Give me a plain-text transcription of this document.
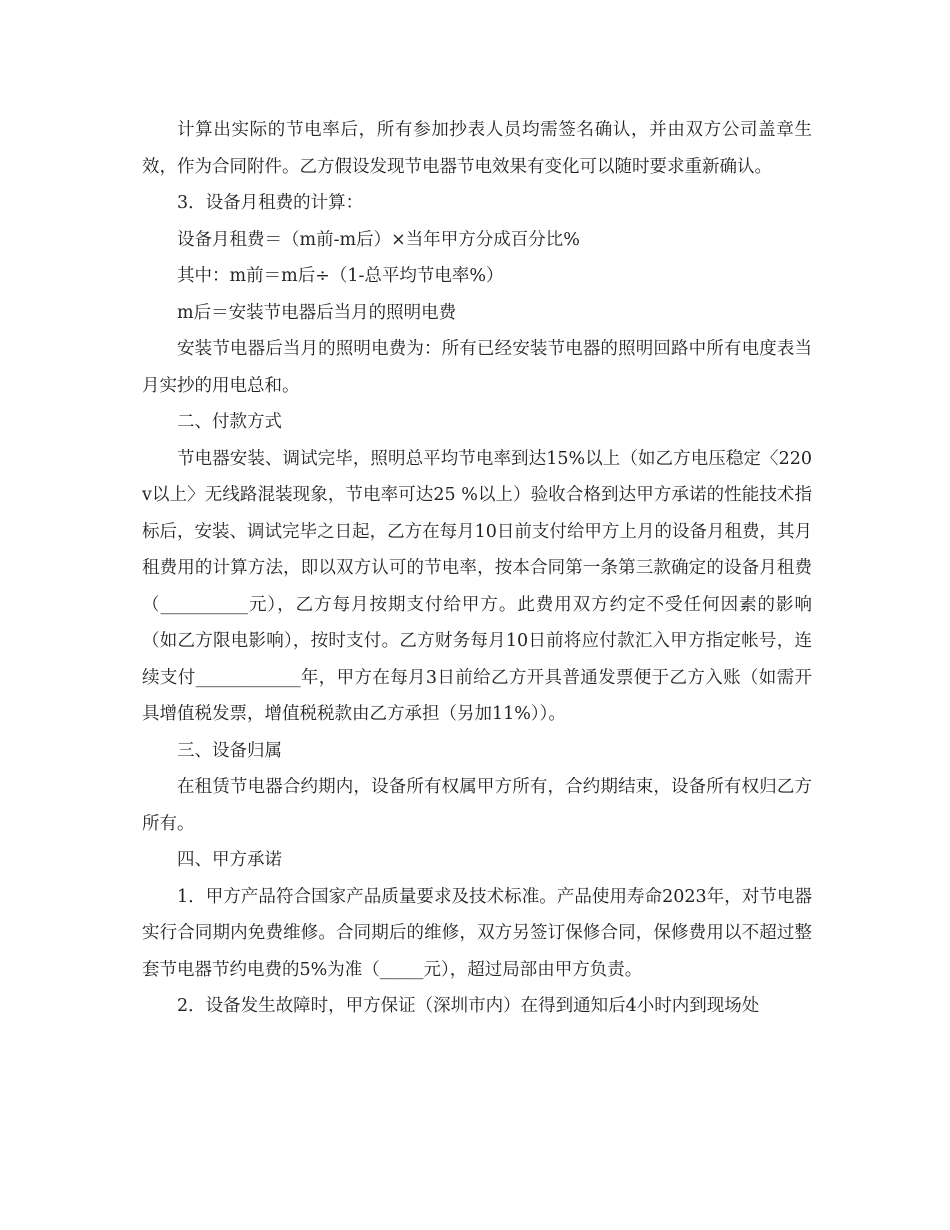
计算出实际的节电率后，所有参加抄表人员均需签名确认，并由双方公司盖章生效，作为合同附件。乙方假设发现节电器节电效果有变化可以随时要求重新确认。

3．设备月租费的计算：

设备月租费＝（m前-m后）×当年甲方分成百分比%

其中：m前＝m后÷（1-总平均节电率%）

m后＝安装节电器后当月的照明电费

安装节电器后当月的照明电费为：所有已经安装节电器的照明回路中所有电度表当月实抄的用电总和。

二、付款方式

节电器安装、调试完毕，照明总平均节电率到达15%以上（如乙方电压稳定〈220v以上〉无线路混装现象，节电率可达25 %以上）验收合格到达甲方承诺的性能技术指标后，安装、调试完毕之日起，乙方在每月10日前支付给甲方上月的设备月租费，其月租费用的计算方法，即以双方认可的节电率，按本合同第一条第三款确定的设备月租费（__________元），乙方每月按期支付给甲方。此费用双方约定不受任何因素的影响（如乙方限电影响），按时支付。乙方财务每月10日前将应付款汇入甲方指定帐号，连续支付____________年，甲方在每月3日前给乙方开具普通发票便于乙方入账（如需开具增值税发票，增值税税款由乙方承担（另加11%））。

三、设备归属

在租赁节电器合约期内，设备所有权属甲方所有，合约期结束，设备所有权归乙方所有。

四、甲方承诺

1．甲方产品符合国家产品质量要求及技术标准。产品使用寿命2023年，对节电器实行合同期内免费维修。合同期后的维修，双方另签订保修合同，保修费用以不超过整套节电器节约电费的5%为准（_____元），超过局部由甲方负责。

2．设备发生故障时，甲方保证（深圳市内）在得到通知后4小时内到现场处
